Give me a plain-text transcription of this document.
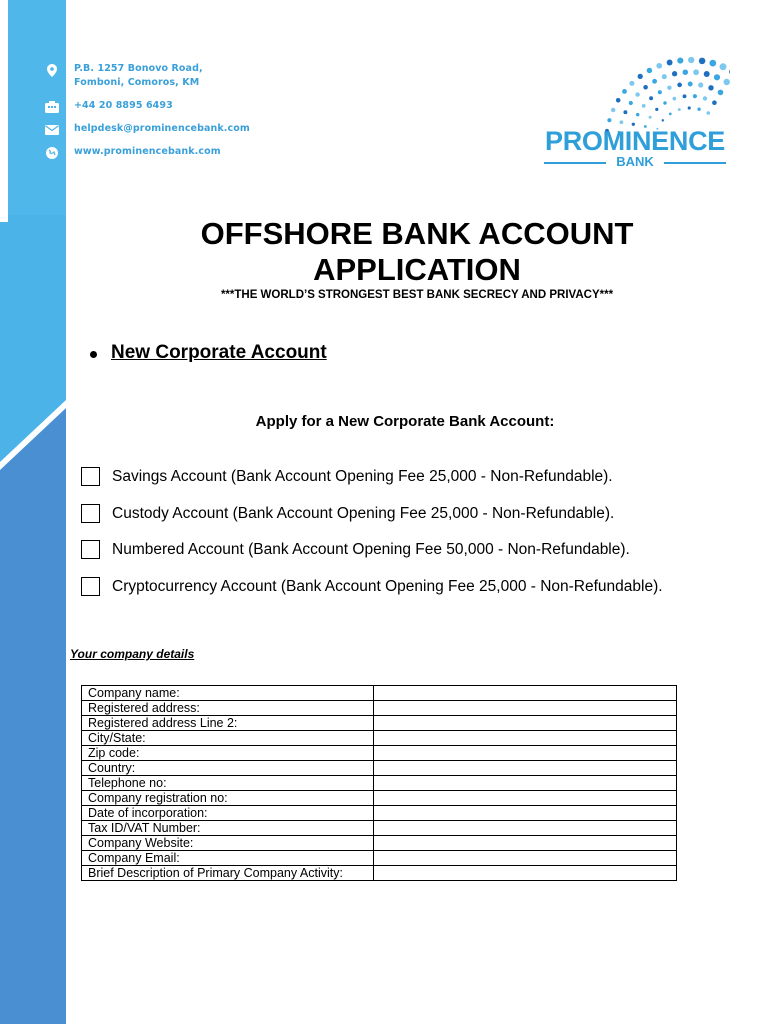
P.B. 1257 Bonovo Road,
Fomboni, Comoros, KM
+44 20 8895 6493
helpdesk@prominencebank.com
www.prominencebank.com	PROMINENCE
BANK
OFFSHORE BANK ACCOUNT
APPLICATION
***THE WORLD’S STRONGEST BEST BANK SECRECY AND PRIVACY***
New Corporate Account
Apply for a New Corporate Bank Account:
Savings Account (Bank Account Opening Fee 25,000 - Non-Refundable).
Custody Account (Bank Account Opening Fee 25,000 - Non-Refundable).
Numbered Account (Bank Account Opening Fee 50,000 - Non-Refundable).
Cryptocurrency Account (Bank Account Opening Fee 25,000 - Non-Refundable).
Your company details
Company name:	
Registered address:	
Registered address Line 2:	
City/State:	
Zip code:	
Country:	
Telephone no:	
Company registration no:	
Date of incorporation:	
Tax ID/VAT Number:	
Company Website:	
Company Email:	
Brief Description of Primary Company Activity:	
